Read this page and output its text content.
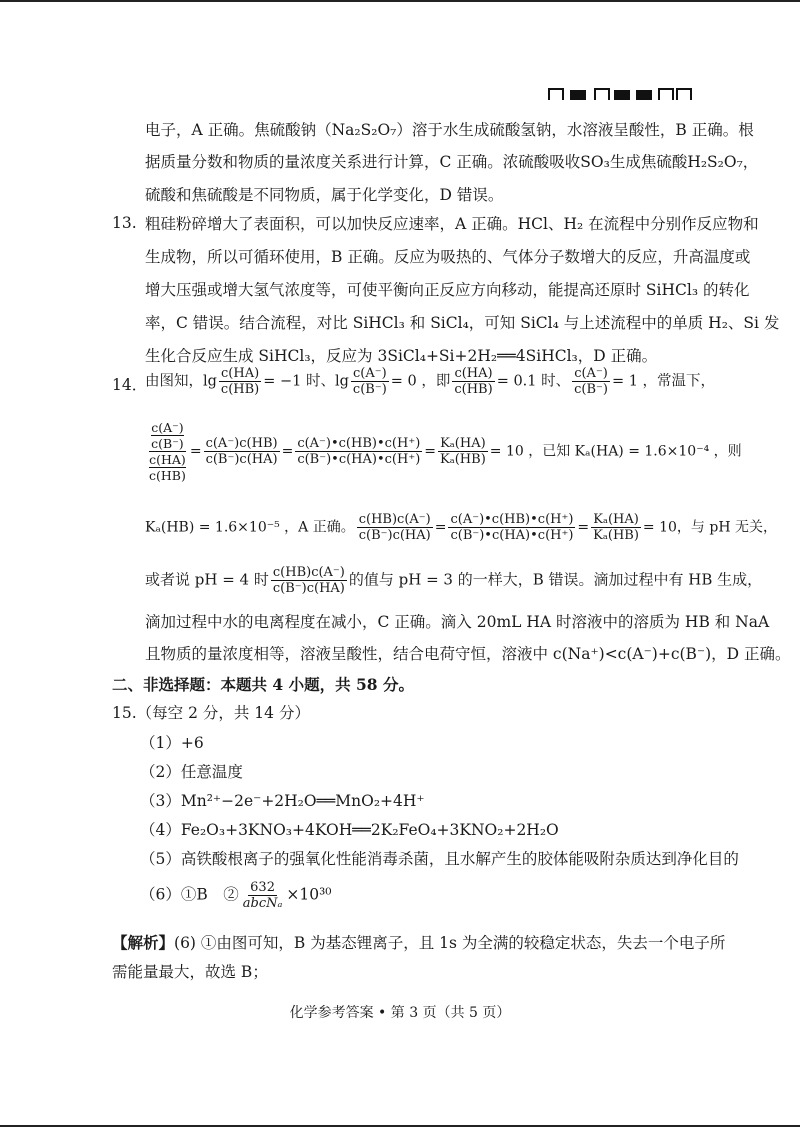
电子，A 正确。焦硫酸钠（Na₂S₂O₇）溶于水生成硫酸氢钠，水溶液呈酸性，B 正确。根
据质量分数和物质的量浓度关系进行计算，C 正确。浓硫酸吸收SO₃生成焦硫酸H₂S₂O₇，
硫酸和焦硫酸是不同物质，属于化学变化，D 错误。
13. 粗硅粉碎增大了表面积，可以加快反应速率，A 正确。HCl、H₂ 在流程中分别作反应物和
生成物，所以可循环使用，B 正确。反应为吸热的、气体分子数增大的反应，升高温度或
增大压强或增大氢气浓度等，可使平衡向正反应方向移动，能提高还原时 SiHCl₃ 的转化
率，C 错误。结合流程，对比 SiHCl₃ 和 SiCl₄，可知 SiCl₄ 与上述流程中的单质 H₂、Si 发
生化合反应生成 SiHCl₃，反应为 3SiCl₄+Si+2H₂══4SiHCl₃，D 正确。
14．
由图知，$\lg \frac{c(HA)}{c(HB)} = -1$ 时、$\lg \frac{c(A^-)}{c(B^-)} = 0$ ，即 $\frac{c(HA)}{c(HB)} = 0.1$ 时、 $\frac{c(A^-)}{c(B^-)} = 1$ ，常温下，
$\frac{\frac{c(A^-)}{c(B^-)}}{\frac{c(HA)}{c(HB)}} = \frac{c(A^-)c(HB)}{c(B^-)c(HA)} = \frac{c(A^-)•c(HB)•c(H^+)}{c(B^-)•c(HA)•c(H^+)} = \frac{\text{Kₐ(HA)}}{\text{Kₐ(HB)}} = 10$ ，已知 Kₐ(HA) = 1.6×10⁻⁴ ，则
Kₐ(HB) = 1.6×10⁻⁵ ，A 正确。 $\frac{c(HB)c(A^-)}{c(B^-)c(HA)} = \frac{c(A^-)•c(HB)•c(H^+)}{c(B^-)•c(HA)•c(H^+)} = \frac{\text{Kₐ(HA)}}{\text{Kₐ(HB)}} = 10$，与 pH 无关，
或者说 pH = 4 时 $\frac{c(HB)c(A^-)}{c(B^-)c(HA)}$ 的值与 pH = 3 的一样大，B 错误。滴加过程中有 HB 生成，
滴加过程中水的电离程度在减小，C 正确。滴入 20mL HA 时溶液中的溶质为 HB 和 NaA
且物质的量浓度相等，溶液呈酸性，结合电荷守恒，溶液中 c(Na⁺)<c(A⁻)+c(B⁻)，D 正确。
二、非选择题：本题共 4 小题，共 58 分。
15.（每空 2 分，共 14 分）
（1）+6
（2）任意温度
（3）Mn²⁺−2e⁻+2H₂O══MnO₂+4H⁺
（4）Fe₂O₃+3KNO₃+4KOH══2K₂FeO₄+3KNO₂+2H₂O
（5）高铁酸根离子的强氧化性能消毒杀菌，且水解产生的胶体能吸附杂质达到净化目的
（6）①B　② $\frac{632}{\text{abcNₐ}} \times 10^{30}$
【解析】(6) ①由图可知，B 为基态锂离子，且 1s 为全满的较稳定状态，失去一个电子所
需能量最大，故选 B；
化学参考答案 • 第 3 页（共 5 页）
